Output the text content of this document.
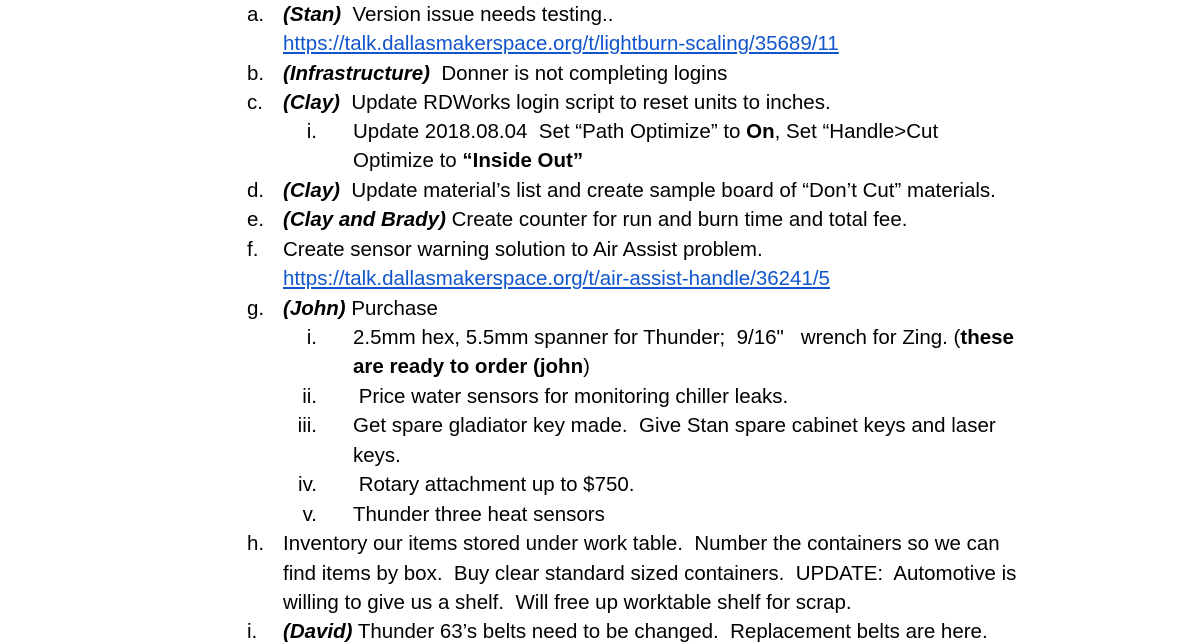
a. (Stan)  Version issue needs testing..
https://talk.dallasmakerspace.org/t/lightburn-scaling/35689/11
b. (Infrastructure)  Donner is not completing logins
c. (Clay)  Update RDWorks login script to reset units to inches.
i. Update 2018.08.04  Set “Path Optimize” to On, Set “Handle>Cut
Optimize to “Inside Out”
d. (Clay)  Update material’s list and create sample board of “Don’t Cut” materials.
e. (Clay and Brady) Create counter for run and burn time and total fee.
f. Create sensor warning solution to Air Assist problem.
https://talk.dallasmakerspace.org/t/air-assist-handle/36241/5
g. (John) Purchase
i. 2.5mm hex, 5.5mm spanner for Thunder;  9/16"   wrench for Zing. (these
are ready to order (john)
ii. Price water sensors for monitoring chiller leaks.
iii. Get spare gladiator key made.  Give Stan spare cabinet keys and laser
keys.
iv. Rotary attachment up to $750.
v. Thunder three heat sensors
h. Inventory our items stored under work table.  Number the containers so we can
find items by box.  Buy clear standard sized containers.  UPDATE:  Automotive is
willing to give us a shelf.  Will free up worktable shelf for scrap.
i. (David) Thunder 63’s belts need to be changed.  Replacement belts are here.
